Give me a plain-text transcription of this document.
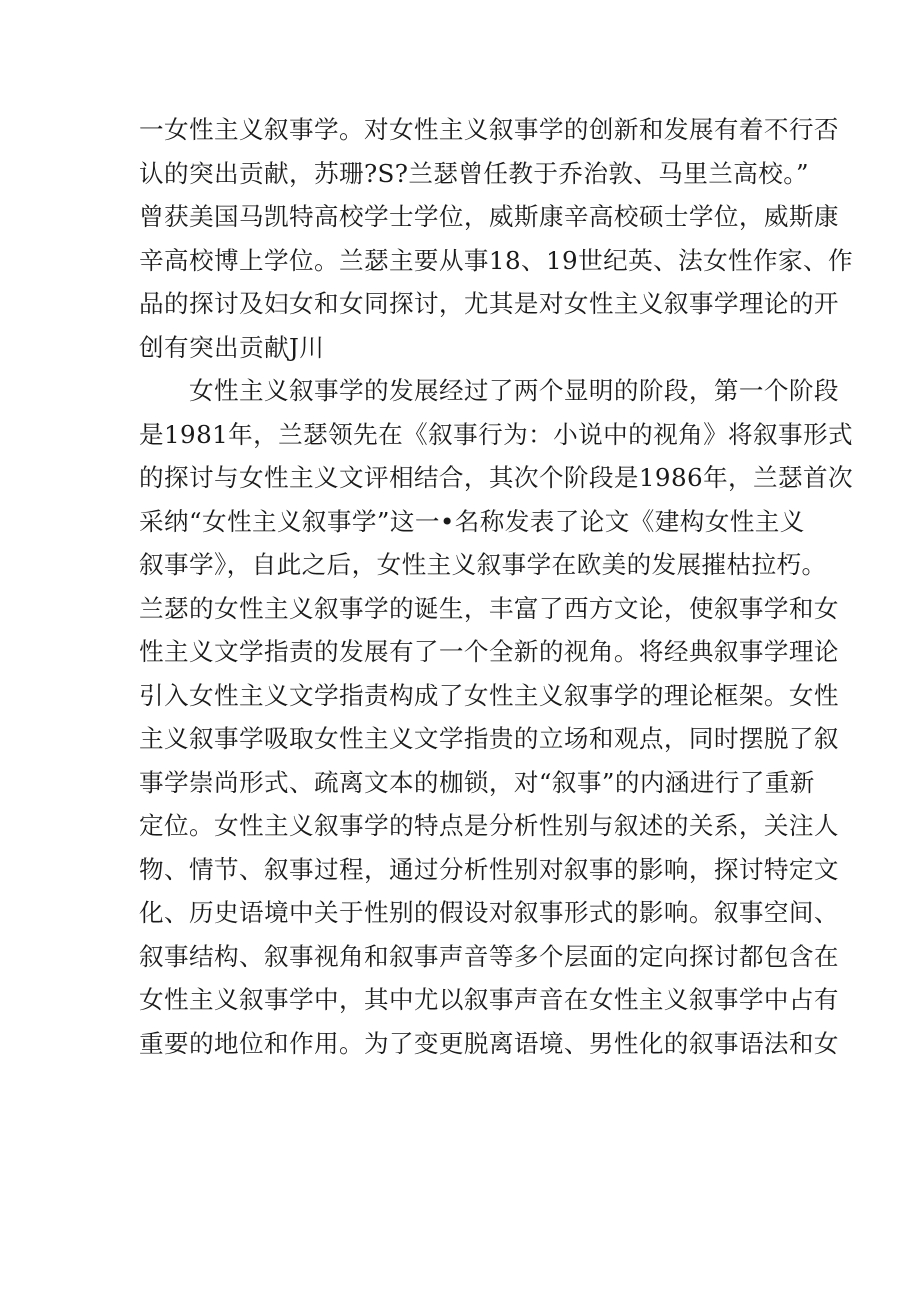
一女性主义叙事学。对女性主义叙事学的创新和发展有着不行否
认的突出贡献，苏珊?S?兰瑟曾任教于乔治敦、马里兰高校。”
曾获美国马凯特高校学士学位，威斯康辛高校硕士学位，威斯康
辛高校博上学位。兰瑟主要从事18、19世纪英、法女性作家、作
品的探讨及妇女和女同探讨，尤其是对女性主义叙事学理论的开
创有突出贡献J川
女性主义叙事学的发展经过了两个显明的阶段，第一个阶段
是1981年，兰瑟领先在《叙事行为：小说中的视角》将叙事形式
的探讨与女性主义文评相结合，其次个阶段是1986年，兰瑟首次
采纳“女性主义叙事学”这一•名称发表了论文《建构女性主义
叙事学》，自此之后，女性主义叙事学在欧美的发展摧枯拉朽。
兰瑟的女性主义叙事学的诞生，丰富了西方文论，使叙事学和女
性主义文学指责的发展有了一个全新的视角。将经典叙事学理论
引入女性主义文学指责构成了女性主义叙事学的理论框架。女性
主义叙事学吸取女性主义文学指贵的立场和观点，同时摆脱了叙
事学崇尚形式、疏离文本的枷锁，对“叙事”的内涵进行了重新
定位。女性主义叙事学的特点是分析性别与叙述的关系，关注人
物、情节、叙事过程，通过分析性别对叙事的影响，探讨特定文
化、历史语境中关于性别的假设对叙事形式的影响。叙事空间、
叙事结构、叙事视角和叙事声音等多个层面的定向探讨都包含在
女性主义叙事学中，其中尤以叙事声音在女性主义叙事学中占有
重要的地位和作用。为了变更脱离语境、男性化的叙事语法和女
